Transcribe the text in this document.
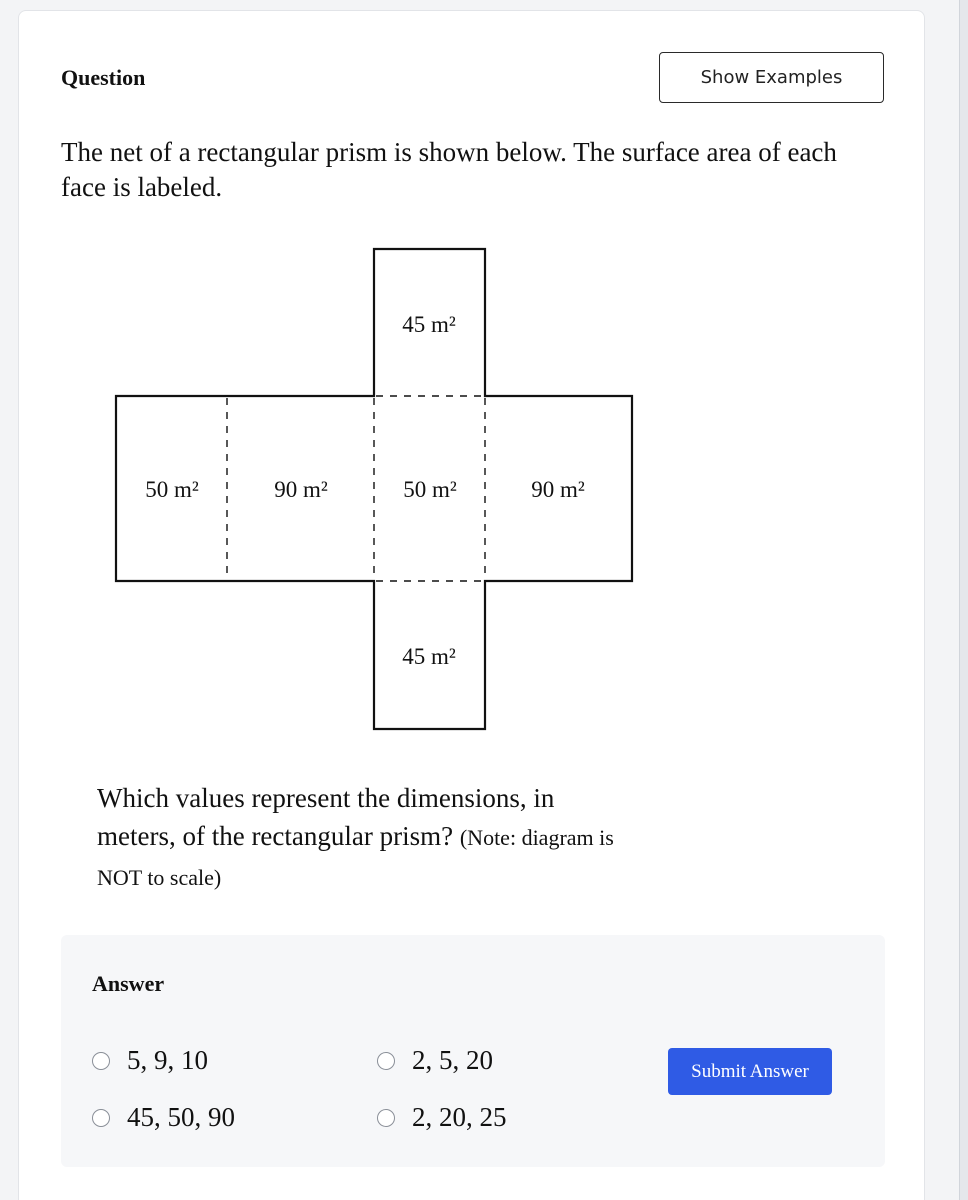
Question	Show Examples
The net of a rectangular prism is shown below. The surface area of each face is labeled.
45 m²
50 m²	90 m²	50 m²	90 m²
45 m²
Which values represent the dimensions, in meters, of the rectangular prism? (Note: diagram is NOT to scale)
Answer
5, 9, 10	2, 5, 20
45, 50, 90	2, 20, 25
Submit Answer
